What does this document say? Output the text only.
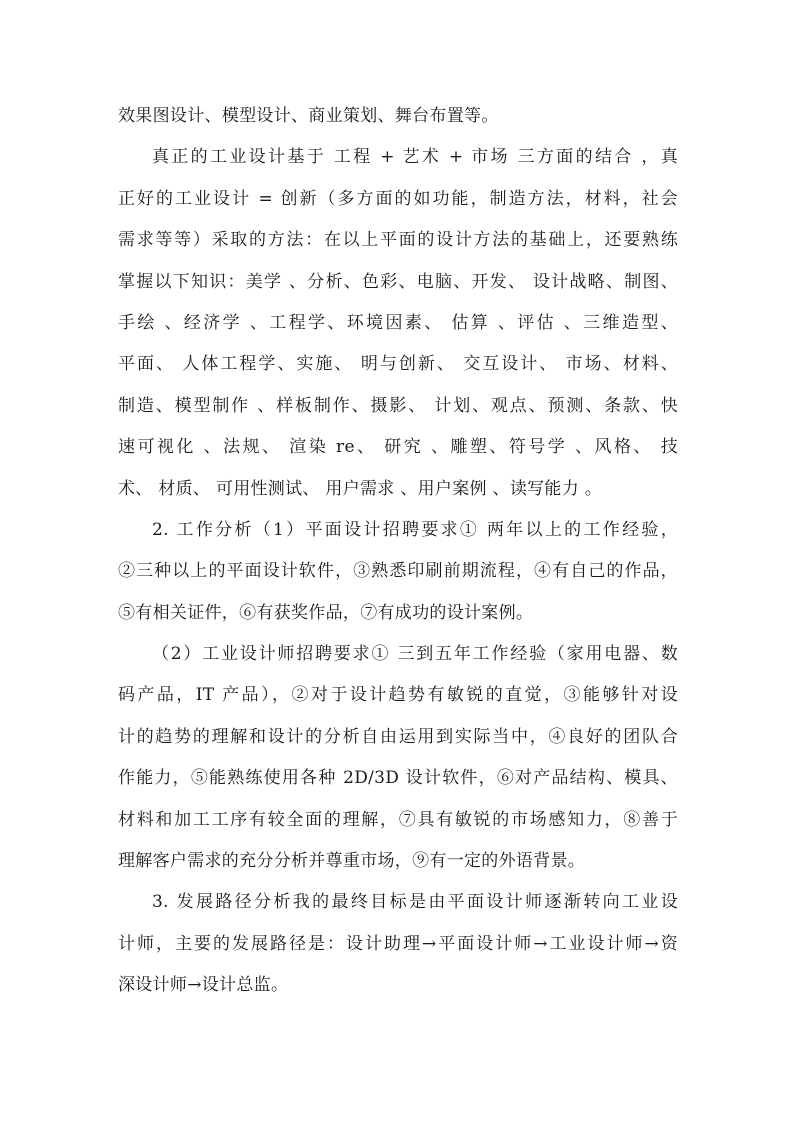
效果图设计、模型设计、商业策划、舞台布置等。
真正的工业设计基于 工程 + 艺术 + 市场 三方面的结合 ，真
正好的工业设计 = 创新（多方面的如功能，制造方法，材料，社会
需求等等）采取的方法：在以上平面的设计方法的基础上，还要熟练
掌握以下知识：美学 、分析、色彩、电脑、开发、 设计战略、制图、
手绘 、经济学 、工程学、环境因素、 估算 、评估 、三维造型、
平面、 人体工程学、实施、 明与创新、 交互设计、 市场、材料、
制造、模型制作 、样板制作、摄影、 计划、观点、预测、条款、快
速可视化 、法规、 渲染 re、 研究 、雕塑、符号学 、风格、 技
术、 材质、 可用性测试、 用户需求 、用户案例 、读写能力 。
2. 工作分析（1）平面设计招聘要求① 两年以上的工作经验，
②三种以上的平面设计软件，③熟悉印刷前期流程，④有自己的作品，
⑤有相关证件，⑥有获奖作品，⑦有成功的设计案例。
（2）工业设计师招聘要求① 三到五年工作经验（家用电器、数
码产品，IT 产品），②对于设计趋势有敏锐的直觉，③能够针对设
计的趋势的理解和设计的分析自由运用到实际当中，④良好的团队合
作能力，⑤能熟练使用各种 2D/3D 设计软件，⑥对产品结构、模具、
材料和加工工序有较全面的理解，⑦具有敏锐的市场感知力，⑧善于
理解客户需求的充分分析并尊重市场，⑨有一定的外语背景。
3. 发展路径分析我的最终目标是由平面设计师逐渐转向工业设
计师，主要的发展路径是：设计助理→平面设计师→工业设计师→资
深设计师→设计总监。
